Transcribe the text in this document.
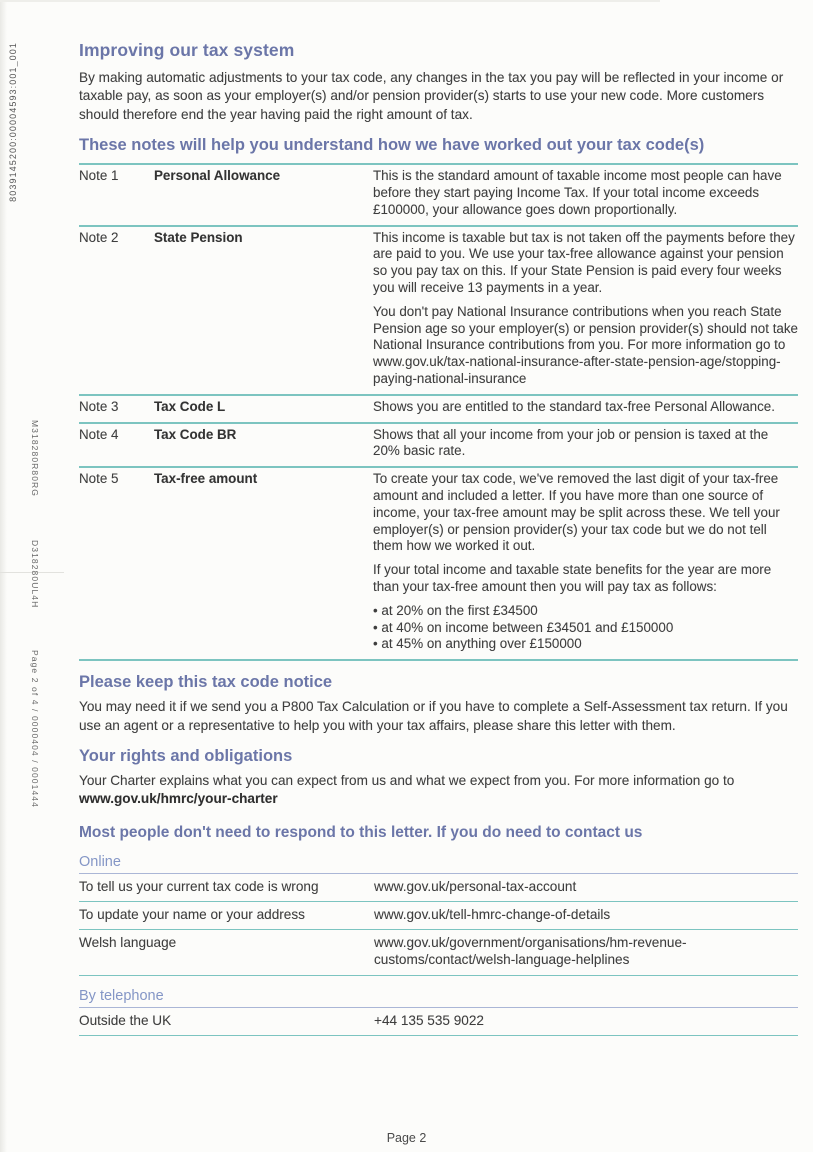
8039145200:00004593:001_001
M318280R80RG
D318280UL4H
Page 2 of 4 / 0000404 / 0001444
Improving our tax system

By making automatic adjustments to your tax code, any changes in the tax you pay will be reflected in your income or taxable pay, as soon as your employer(s) and/or pension provider(s) starts to use your new code. More customers should therefore end the year having paid the right amount of tax.

These notes will help you understand how we have worked out your tax code(s)
Note 1	Personal Allowance	This is the standard amount of taxable income most people can have before they start paying Income Tax. If your total income exceeds £100000, your allowance goes down proportionally.

Note 2	State Pension	This income is taxable but tax is not taken off the payments before they are paid to you. We use your tax-free allowance against your pension so you pay tax on this. If your State Pension is paid every four weeks you will receive 13 payments in a year.

You don't pay National Insurance contributions when you reach State Pension age so your employer(s) or pension provider(s) should not take National Insurance contributions from you. For more information go to www.gov.uk/tax-national-insurance-after-state-pension-age/stopping-paying-national-insurance

Note 3	Tax Code L	Shows you are entitled to the standard tax-free Personal Allowance.

Note 4	Tax Code BR	Shows that all your income from your job or pension is taxed at the 20% basic rate.

Note 5	Tax-free amount	To create your tax code, we've removed the last digit of your tax-free amount and included a letter. If you have more than one source of income, your tax-free amount may be split across these. We tell your employer(s) or pension provider(s) your tax code but we do not tell them how we worked it out.

If your total income and taxable state benefits for the year are more than your tax-free amount then you will pay tax as follows:

• at 20% on the first £34500
• at 40% on income between £34501 and £150000
• at 45% on anything over £150000
Please keep this tax code notice

You may need it if we send you a P800 Tax Calculation or if you have to complete a Self-Assessment tax return. If you use an agent or a representative to help you with your tax affairs, please share this letter with them.

Your rights and obligations

Your Charter explains what you can expect from us and what we expect from you. For more information go to www.gov.uk/hmrc/your-charter

Most people don't need to respond to this letter. If you do need to contact us
Online
To tell us your current tax code is wrong	www.gov.uk/personal-tax-account
To update your name or your address	www.gov.uk/tell-hmrc-change-of-details
Welsh language	www.gov.uk/government/organisations/hm-revenue-customs/contact/welsh-language-helplines
By telephone
Outside the UK	+44 135 535 9022
Page 2
